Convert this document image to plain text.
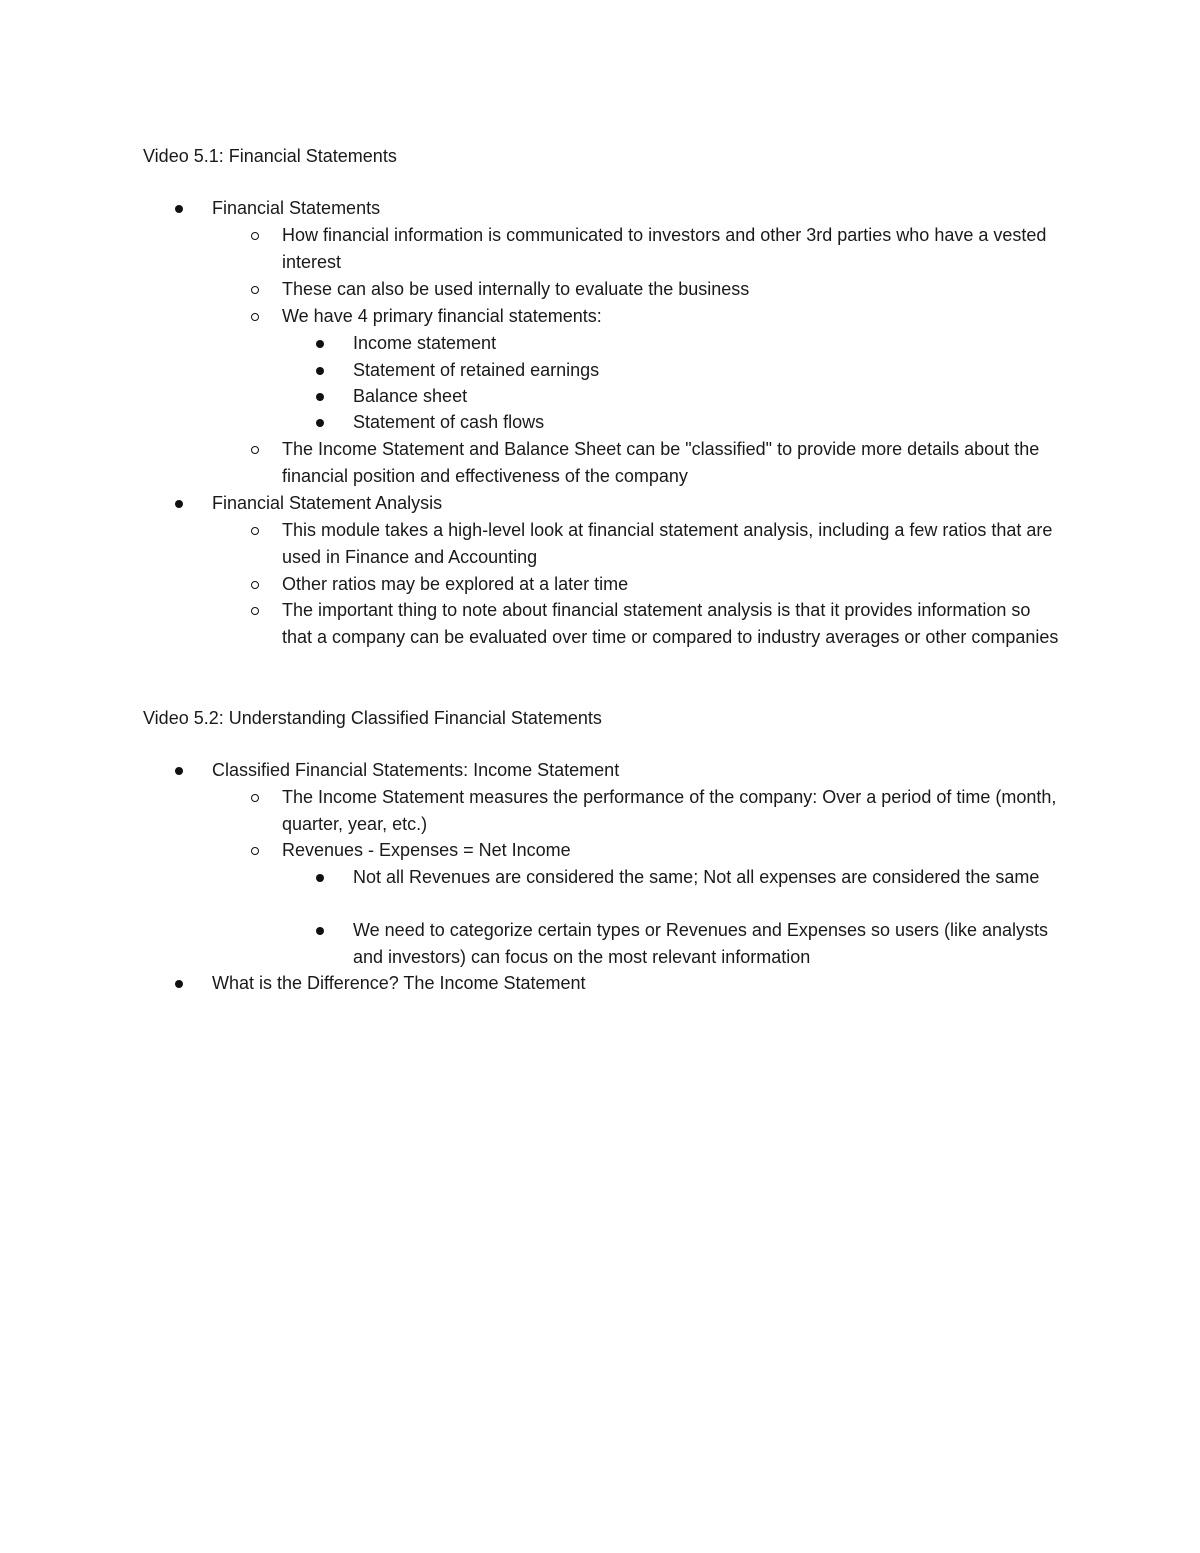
Video 5.1: Financial Statements
Financial Statements
How financial information is communicated to investors and other 3rd parties who have a vested interest
These can also be used internally to evaluate the business
We have 4 primary financial statements:
Income statement
Statement of retained earnings
Balance sheet
Statement of cash flows
The Income Statement and Balance Sheet can be "classified" to provide more details about the financial position and effectiveness of the company
Financial Statement Analysis
This module takes a high-level look at financial statement analysis, including a few ratios that are used in Finance and Accounting
Other ratios may be explored at a later time
The important thing to note about financial statement analysis is that it provides information so that a company can be evaluated over time or compared to industry averages or other companies
Video 5.2: Understanding Classified Financial Statements
Classified Financial Statements: Income Statement
The Income Statement measures the performance of the company: Over a period of time (month, quarter, year, etc.)
Revenues - Expenses = Net Income
Not all Revenues are considered the same; Not all expenses are considered the same
We need to categorize certain types or Revenues and Expenses so users (like analysts and investors) can focus on the most relevant information
What is the Difference? The Income Statement
